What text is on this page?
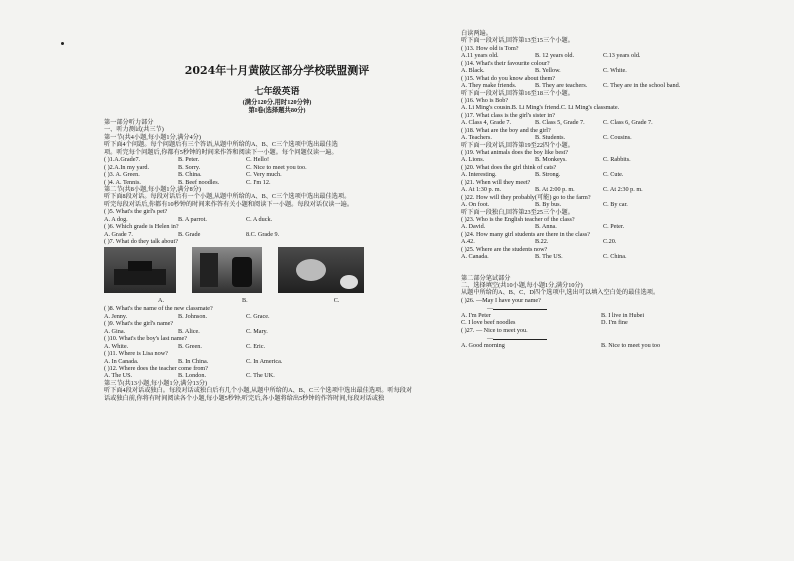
2024年十月黄陂区部分学校联盟测评
七年级英语
(满分120分,用时120分钟)
第I卷(选择题共80分)
第一部分听力部分
一、听力测试(共三节)
第一节(共4小题,每小题1分,满分4分)
听下面4个问题。每个问题后有三个答语,从题中所给的A、B、C三个选项中选出最佳选
项。听完每个问题后,你都有5秒钟的时间来作答和阅读下一小题。每个问题仅读一遍。
( )1.A.Grade7.	B. Peter.	C. Hello!
( )2.A.In my yard.	B. Sorry.	C. Nice to meet you too.
( )3. A. Green.	B. China.	C. Very much.
( )4. A. Tennis.	B. Beef noodles.	C. I'm 12.
第二节(共8小题,每小题1分,满分8分)
听下面8段对话。每段对话后有一个小题,从题中所给的A、B、C三个选项中选出最佳选项。
听完每段对话后,你都有10秒钟的时间来作答有关小题和阅读下一小题。每段对话仅读一遍。
( )5. What's the girl's pet?
A. A dog.	B. A parrot.	C. A duck.
( )6. Which grade is Helen in?
A. Grade 7.	B. Grade	8.C. Grade 9.
( )7. What do they talk about?
A.	B.	C.
( )8. What's the name of the new classmate?
A. Jenny.	B. Johnson.	C. Grace.
( )9. What's the girl's name?
A. Gina.	B. Alice.	C. Mary.
( )10. What's the boy's last name?
A. White.	B. Green.	C. Eric.
( )11. Where is Lisa now?
A. In Canada.	B. In China.	C. In America.
( )12. Where does the teacher come from?
A. The US.	B. London.	C. The UK.
第三节(共13小题,每小题1分,满分13分)
听下面4段对话或独白。每段对话或独白后有几个小题,从题中所给的A、B、C三个选项中选出最佳选项。听每段对
话或独白前,你将有时间阅读各个小题,每小题5秒钟;听完后,各小题将给出5秒钟的作答时间,每段对话或独
白读两遍。
听下面一段对话,回答第13至15三个小题。
( )13. How old is Tom?
A.11 years old.	B. 12 years old.	C.13 years old.
( )14. What's their favourite colour?
A. Black.	B. Yellow.	C. White.
( )15. What do you know about them?
A. They make friends.	B. They are teachers.	C. They are in the school band.
听下面一段对话,回答第16至18三个小题。
( )16. Who is Bob?
A. Li Ming's cousin.B. Li Ming's friend.C. Li Ming's classmate.
( )17. What class is the girl's sister in?
A. Class 4, Grade 7.	B. Class 5, Grade 7.	C. Class 6, Grade 7.
( )18. What are the boy and the girl?
A. Teachers.	B. Students.	C. Cousins.
听下面一段对话,回答第19至22四个小题。
( )19. What animals does the boy like best?
A. Lions.	B. Monkeys.	C. Rabbits.
( )20. What does the girl think of cats?
A. Interesting.	B. Strong.	C. Cute.
( )21. When will they meet?
A. At 1:30 p. m.	B. At 2:00 p. m.	C. At 2:30 p. m.
( )22. How will they probably(可能) go to the farm?
A. On foot.	B. By bus.	C. By car.
听下面一段独白,回答第23至25三个小题。
( )23. Who is the English teacher of the class?
A. David.	B. Anna.	C. Peter.
( )24. How many girl students are there in the class?
A.42.	B.22.	C.20.
( )25. Where are the students now?
A. Canada.	B. The US.	C. China.
第二部分笔试部分
二、选择填空(共10小题,每小题1分,满分10分)
从题中所给的A、B、C、D四个选项中,选出可以填入空白处的最佳选项。
( )26. —May I have your name?
—
A. I'm Peter	B. I live in Hubei
C. I love beef noodles	D. I'm fine
( )27. — Nice to meet you.
—
A. Good morning	B. Nice to meet you too
